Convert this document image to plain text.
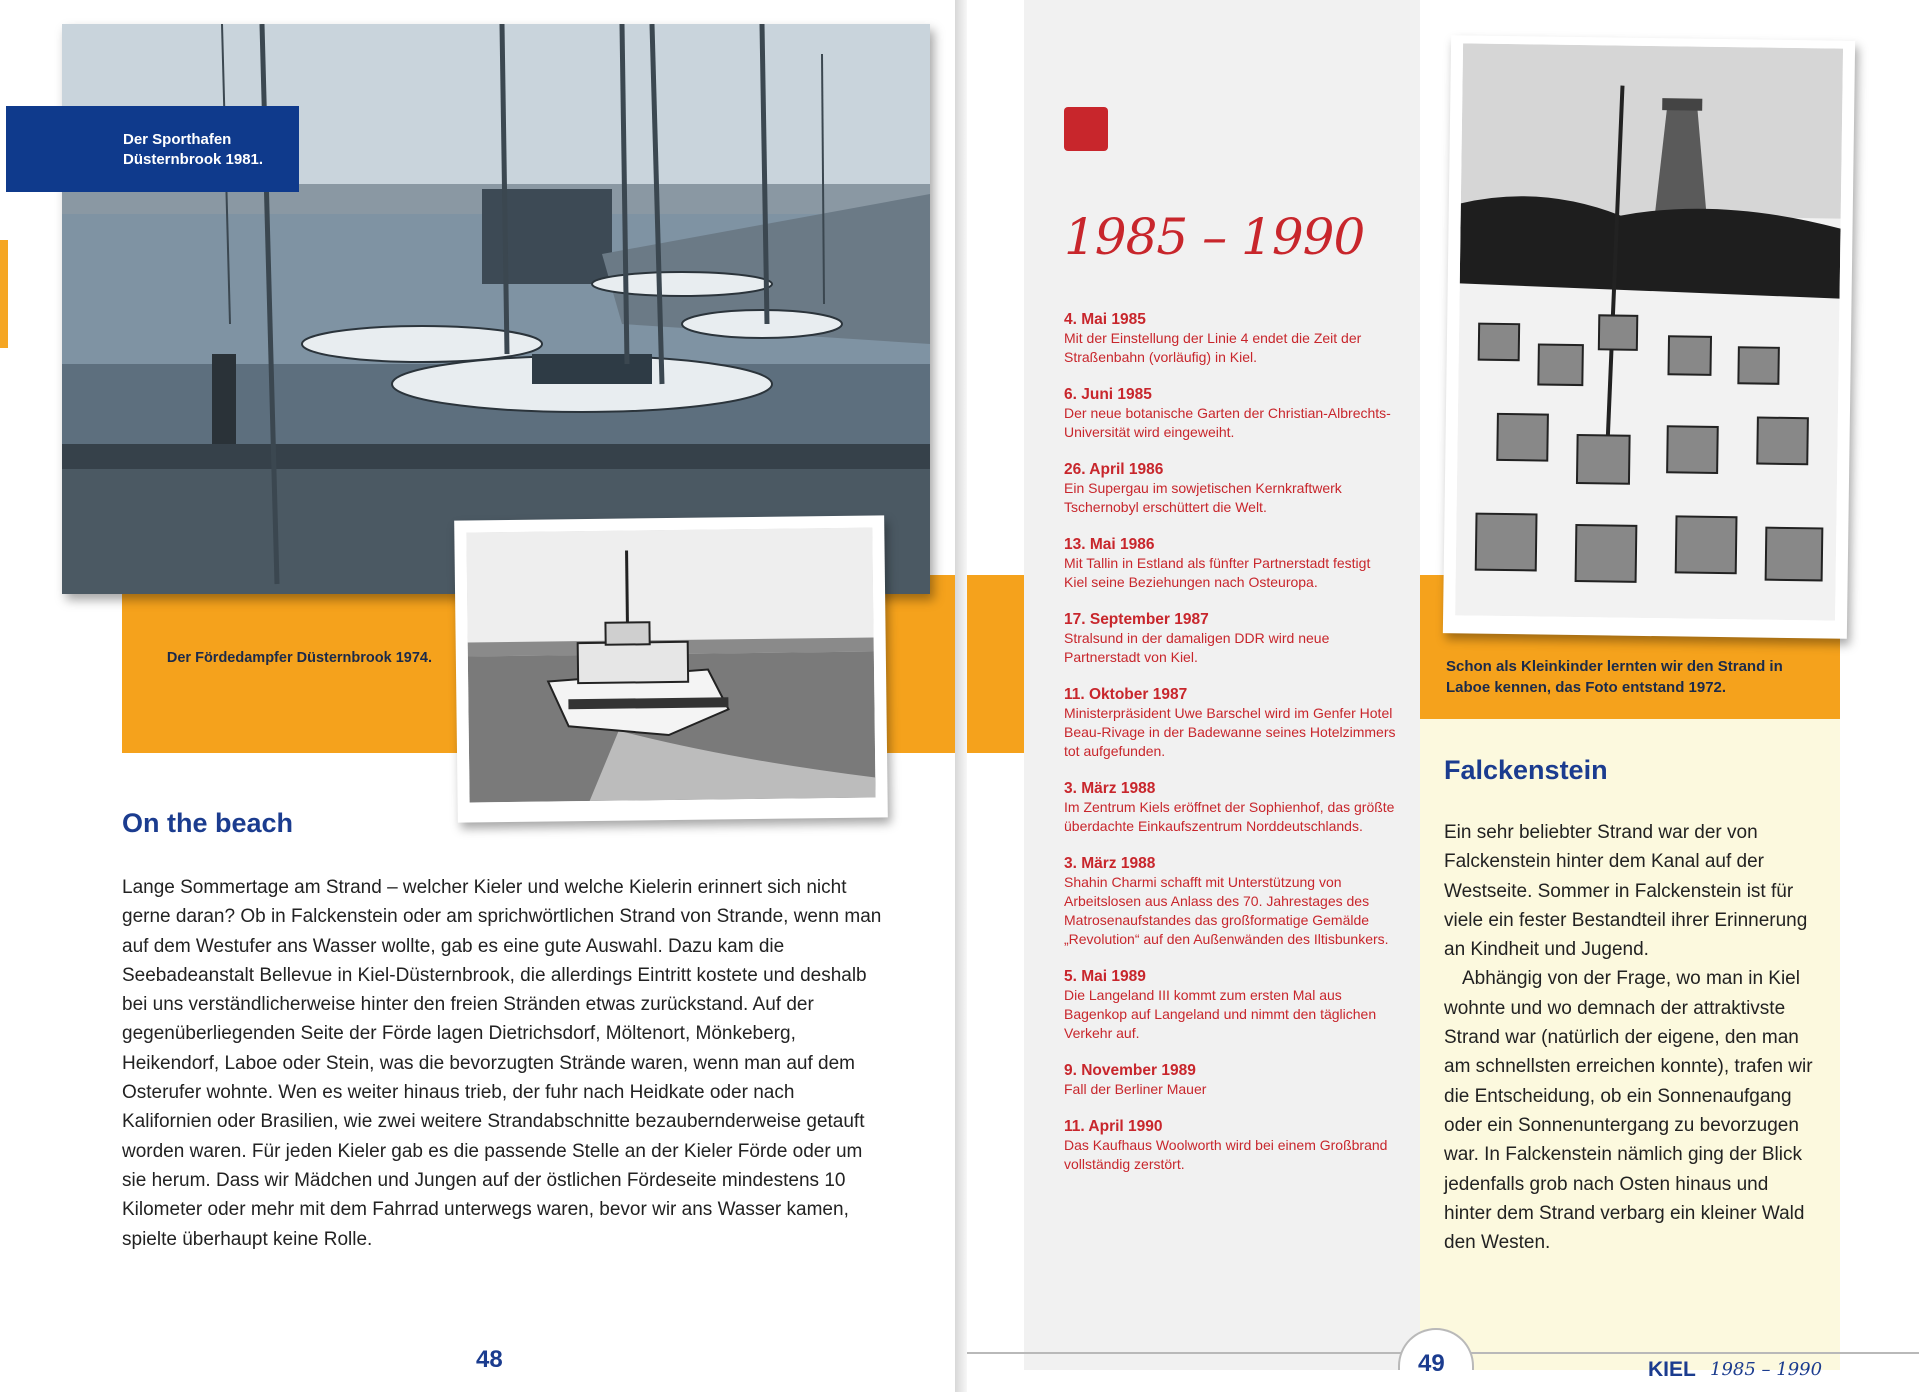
Der Sporthafen Düsternbrook 1981.
Der Fördedampfer Düsternbrook 1974.
On the beach
Lange Sommertage am Strand – welcher Kieler und welche Kielerin erinnert sich nicht gerne daran? Ob in Falckenstein oder am sprichwörtlichen Strand von Strande, wenn man auf dem Westufer ans Wasser wollte, gab es eine gute Auswahl. Dazu kam die Seebadeanstalt Bellevue in Kiel-Düsternbrook, die allerdings Eintritt kostete und deshalb bei uns verständlicherweise hinter den freien Stränden etwas zurückstand. Auf der gegenüberliegenden Seite der Förde lagen Dietrichsdorf, Möltenort, Mönkeberg, Heikendorf, Laboe oder Stein, was die bevorzugten Strände waren, wenn man auf dem Osterufer wohnte. Wen es weiter hinaus trieb, der fuhr nach Heidkate oder nach Kalifornien oder Brasilien, wie zwei weitere Strandabschnitte bezaubernderweise getauft worden waren. Für jeden Kieler gab es die passende Stelle an der Kieler Förde oder um sie herum. Dass wir Mädchen und Jungen auf der östlichen Fördeseite mindestens 10 Kilometer oder mehr mit dem Fahrrad unterwegs waren, bevor wir ans Wasser kamen, spielte überhaupt keine Rolle.
48
1985 – 1990
4. Mai 1985
Mit der Einstellung der Linie 4 endet die Zeit der Straßenbahn (vorläufig) in Kiel.
6. Juni 1985
Der neue botanische Garten der Christian-Albrechts-Universität wird eingeweiht.
26. April 1986
Ein Supergau im sowjetischen Kernkraftwerk Tschernobyl erschüttert die Welt.
13. Mai 1986
Mit Tallin in Estland als fünfter Partnerstadt festigt Kiel seine Beziehungen nach Osteuropa.
17. September 1987
Stralsund in der damaligen DDR wird neue Partnerstadt von Kiel.
11. Oktober 1987
Ministerpräsident Uwe Barschel wird im Genfer Hotel Beau-Rivage in der Badewanne seines Hotelzimmers tot aufgefunden.
3. März 1988
Im Zentrum Kiels eröffnet der Sophienhof, das größte überdachte Einkaufszentrum Norddeutschlands.
3. März 1988
Shahin Charmi schafft mit Unterstützung von Arbeitslosen aus Anlass des 70. Jahrestages des Matrosenaufstandes das großformatige Gemälde „Revolution“ auf den Außenwänden des Iltisbunkers.
5. Mai 1989
Die Langeland III kommt zum ersten Mal aus Bagenkop auf Langeland und nimmt den täglichen Verkehr auf.
9. November 1989
Fall der Berliner Mauer
11. April 1990
Das Kaufhaus Woolworth wird bei einem Großbrand vollständig zerstört.
Schon als Kleinkinder lernten wir den Strand in Laboe kennen, das Foto entstand 1972.
Falckenstein

Ein sehr beliebter Strand war der von Falckenstein hinter dem Kanal auf der Westseite. Sommer in Falckenstein ist für viele ein fester Bestandteil ihrer Erinnerung an Kindheit und Jugend.

Abhängig von der Frage, wo man in Kiel wohnte und wo demnach der attraktivste Strand war (natürlich der eigene, den man am schnellsten erreichen konnte), trafen wir die Entscheidung, ob ein Sonnenaufgang oder ein Sonnenuntergang zu bevorzugen war. In Falckenstein nämlich ging der Blick jedenfalls grob nach Osten hinaus und hinter dem Strand verbarg ein kleiner Wald den Westen.

49	KIEL 1985 – 1990
